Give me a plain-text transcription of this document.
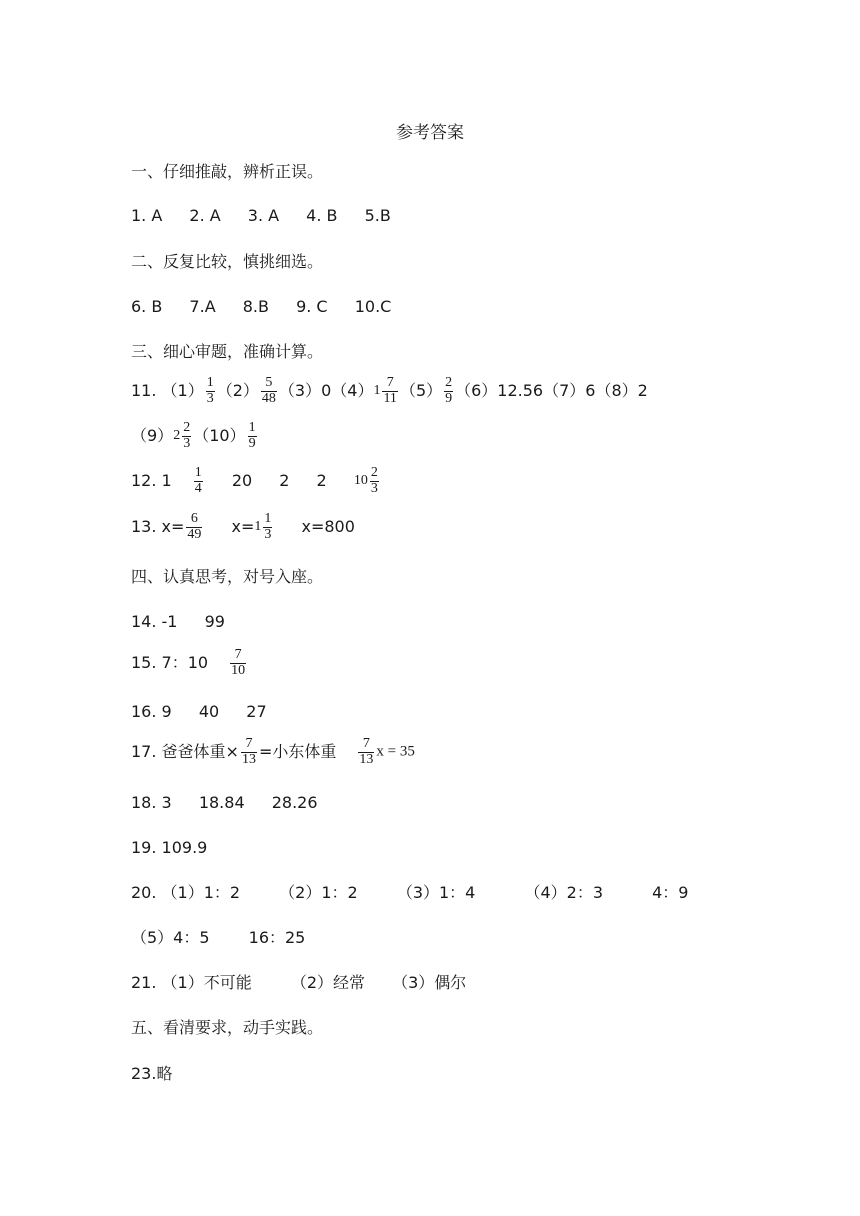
参考答案
一、仔细推敲，辨析正误。
1. A 2. A 3. A 4. B 5.B
二、反复比较，慎挑细选。
6. B 7.A 8.B 9. C 10.C
三、细心审题，准确计算。
11. $(1) \frac{1}{3} (2) \frac{5}{48} (3)0(4)1 \frac{7}{11} (5) \frac{2}{9} (6)12.56(7)6(8)2$
$(9)2 \frac{2}{3} (10) \frac{1}{9}$
12. $1 \frac{1}{4} 20$ 2 2 $10 \frac{2}{3}$
13. $x= \frac{6}{49} x=1 \frac{1}{3} x=800$
四、认真思考，对号入座。
14. -1 99
15. 7：$10 \frac{7}{10}$
16. 9 40 27
17. 爸爸体重× $\frac{7}{13}$ =小东体重 $\frac{7}{13}$ x = 35
18. 3 18.84 28.26
19. 109.9
20. （1）1：2 （2）1：2 （3）1：4	（4）2：3	4：9
（5）4：5 16：25
21. （1）不可能 （2）经常 （3）偶尔
五、看清要求，动手实践。
23.略
